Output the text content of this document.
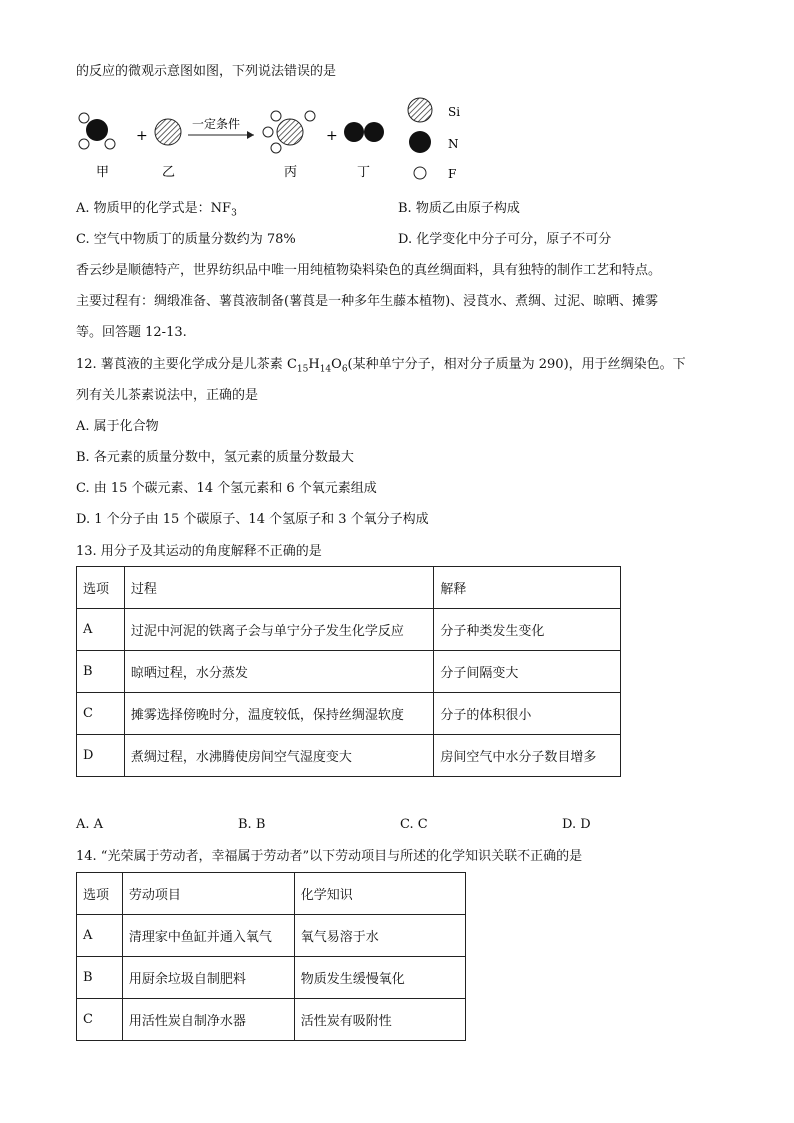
的反应的微观示意图如图，下列说法错误的是
+
一定条件
+
Si
N
F
甲	乙	丙	丁
A. 物质甲的化学式是：$NF_3$	B. 物质乙由原子构成
C. 空气中物质丁的质量分数约为 78%	D. 化学变化中分子可分，原子不可分
香云纱是顺德特产，世界纺织品中唯一用纯植物染料染色的真丝绸面料，具有独特的制作工艺和特点。
主要过程有：绸缎准备、薯莨液制备(薯莨是一种多年生藤本植物)、浸莨水、煮绸、过泥、晾晒、摊雾
等。回答题 12-13.
12. 薯莨液的主要化学成分是儿茶素 $C_{15}H_{14}O_6$(某种单宁分子，相对分子质量为 290)，用于丝绸染色。下
列有关儿茶素说法中，正确的是
A. 属于化合物
B. 各元素的质量分数中，氢元素的质量分数最大
C. 由 15 个碳元素、14 个氢元素和 6 个氧元素组成
D. 1 个分子由 15 个碳原子、14 个氢原子和 3 个氧分子构成
13. 用分子及其运动的角度解释不正确的是
选项	过程	解释
A	过泥中河泥的铁离子会与单宁分子发生化学反应	分子种类发生变化
B	晾晒过程，水分蒸发	分子间隔变大
C	摊雾选择傍晚时分，温度较低，保持丝绸湿软度	分子的体积很小
D	煮绸过程，水沸腾使房间空气湿度变大	房间空气中水分子数目增多
A. A	B. B	C. C	D. D
14. “光荣属于劳动者，幸福属于劳动者”以下劳动项目与所述的化学知识关联不正确的是
选项	劳动项目	化学知识
A	清理家中鱼缸并通入氧气	氧气易溶于水
B	用厨余垃圾自制肥料	物质发生缓慢氧化
C	用活性炭自制净水器	活性炭有吸附性
